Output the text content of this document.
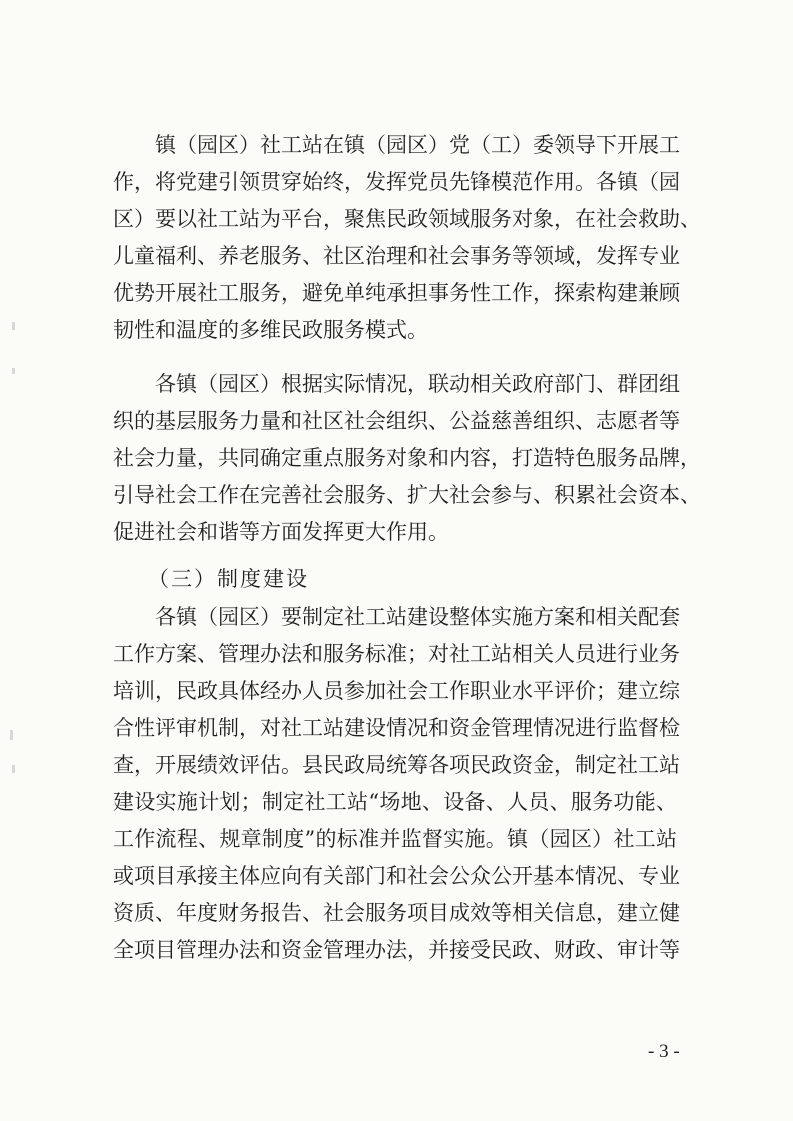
镇（园区）社工站在镇（园区）党（工）委领导下开展工
作，将党建引领贯穿始终，发挥党员先锋模范作用。各镇（园
区）要以社工站为平台，聚焦民政领域服务对象，在社会救助、
儿童福利、养老服务、社区治理和社会事务等领域，发挥专业
优势开展社工服务，避免单纯承担事务性工作，探索构建兼顾
韧性和温度的多维民政服务模式。
各镇（园区）根据实际情况，联动相关政府部门、群团组
织的基层服务力量和社区社会组织、公益慈善组织、志愿者等
社会力量，共同确定重点服务对象和内容，打造特色服务品牌，
引导社会工作在完善社会服务、扩大社会参与、积累社会资本、
促进社会和谐等方面发挥更大作用。
（三）制度建设
各镇（园区）要制定社工站建设整体实施方案和相关配套
工作方案、管理办法和服务标准；对社工站相关人员进行业务
培训，民政具体经办人员参加社会工作职业水平评价；建立综
合性评审机制，对社工站建设情况和资金管理情况进行监督检
查，开展绩效评估。县民政局统筹各项民政资金，制定社工站
建设实施计划；制定社工站“场地、设备、人员、服务功能、
工作流程、规章制度”的标准并监督实施。镇（园区）社工站
或项目承接主体应向有关部门和社会公众公开基本情况、专业
资质、年度财务报告、社会服务项目成效等相关信息，建立健
全项目管理办法和资金管理办法，并接受民政、财政、审计等
- 3 -
